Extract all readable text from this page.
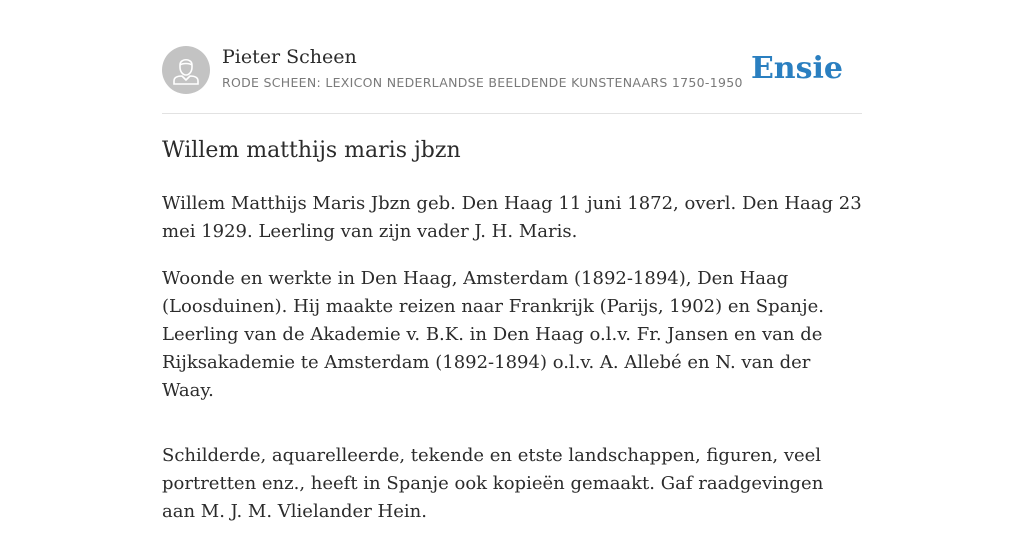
Pieter Scheen
RODE SCHEEN: LEXICON NEDERLANDSE BEELDENDE KUNSTENAARS 1750-1950 Ensie
Willem matthijs maris jbzn

Willem Matthijs Maris Jbzn geb. Den Haag 11 juni 1872, overl. Den Haag 23 mei 1929. Leerling van zijn vader J. H. Maris.

Woonde en werkte in Den Haag, Amsterdam (1892-1894), Den Haag (Loosduinen). Hij maakte reizen naar Frankrijk (Parijs, 1902) en Spanje. Leerling van de Akademie v. B.K. in Den Haag o.l.v. Fr. Jansen en van de Rijksakademie te Amsterdam (1892-1894) o.l.v. A. Allebé en N. van der Waay.

Schilderde, aquarelleerde, tekende en etste landschappen, figuren, veel portretten enz., heeft in Spanje ook kopieën gemaakt. Gaf raadgevingen aan M. J. M. Vlielander Hein.
